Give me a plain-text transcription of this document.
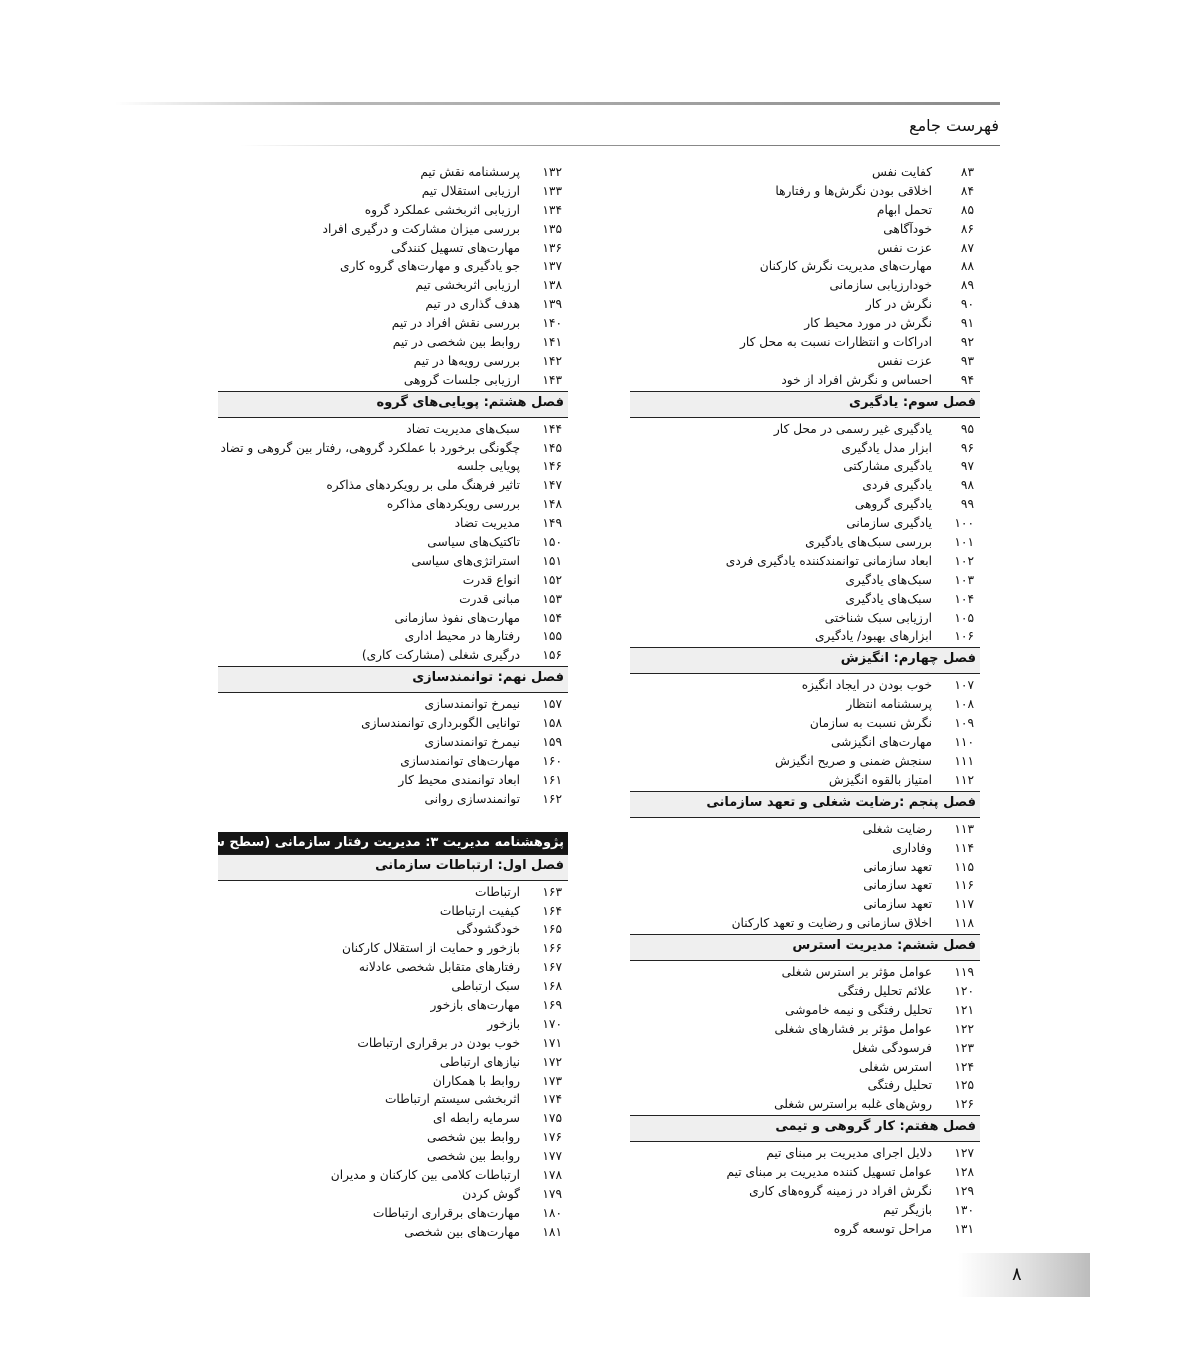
فهرست جامع
۸۳کفایت نفس
۸۴اخلاقی بودن نگرش‌ها و رفتارها
۸۵تحمل ابهام
۸۶خودآگاهی
۸۷عزت نفس
۸۸مهارت‌های مدیریت نگرش کارکنان
۸۹خودارزیابی سازمانی
۹۰نگرش در کار
۹۱نگرش در مورد محیط کار
۹۲ادراکات و انتظارات نسبت به محل کار
۹۳عزت نفس
۹۴احساس و نگرش افراد از خود
فصل سوم: یادگیری
۹۵یادگیری غیر رسمی در محل کار
۹۶ابزار مدل یادگیری
۹۷یادگیری مشارکتی
۹۸یادگیری فردی
۹۹یادگیری گروهی
۱۰۰یادگیری سازمانی
۱۰۱بررسی سبک‌های یادگیری
۱۰۲ابعاد سازمانی توانمندکننده یادگیری فردی
۱۰۳سبک‌های یادگیری
۱۰۴سبک‌های یادگیری
۱۰۵ارزیابی سبک شناختی
۱۰۶ابزارهای بهبود/ یادگیری
فصل چهارم: انگیزش
۱۰۷خوب بودن در ایجاد انگیزه
۱۰۸پرسشنامه انتظار
۱۰۹نگرش نسبت به سازمان
۱۱۰مهارت‌های انگیزشی
۱۱۱سنجش ضمنی و صریح انگیزش
۱۱۲امتیاز بالقوه انگیزش
فصل پنجم :رضایت شغلی و تعهد سازمانی
۱۱۳رضایت شغلی
۱۱۴وفاداری
۱۱۵تعهد سازمانی
۱۱۶تعهد سازمانی
۱۱۷تعهد سازمانی
۱۱۸اخلاق سازمانی و رضایت و تعهد کارکنان
فصل ششم: مدیریت استرس
۱۱۹عوامل مؤثر بر استرس شغلی
۱۲۰علائم تحلیل رفتگی
۱۲۱تحلیل رفتگی و نیمه خاموشی
۱۲۲عوامل مؤثر بر فشارهای شغلی
۱۲۳فرسودگی شغل
۱۲۴استرس شغلی
۱۲۵تحلیل رفتگی
۱۲۶روش‌های غلبه براسترس شغلی
فصل هفتم: کار گروهی و تیمی
۱۲۷دلایل اجرای مدیریت بر مبنای تیم
۱۲۸عوامل تسهیل کننده مدیریت بر مبنای تیم
۱۲۹نگرش افراد در زمینه گروه‌های کاری
۱۳۰بازیگر تیم
۱۳۱مراحل توسعه گروه
۱۳۲پرسشنامه نقش تیم
۱۳۳ارزیابی استقلال تیم
۱۳۴ارزیابی اثربخشی عملکرد گروه
۱۳۵بررسی میزان مشارکت و درگیری افراد
۱۳۶مهارت‌های تسهیل کنندگی
۱۳۷جو یادگیری و مهارت‌های گروه کاری
۱۳۸ارزیابی اثربخشی تیم
۱۳۹هدف گذاری در تیم
۱۴۰بررسی نقش افراد در تیم
۱۴۱روابط بین شخصی در تیم
۱۴۲بررسی رویه‌ها در تیم
۱۴۳ارزیابی جلسات گروهی
فصل هشتم: پویایی‌های گروه
۱۴۴سبک‌های مدیریت تضاد
۱۴۵چگونگی برخورد با عملکرد گروهی، رفتار بین گروهی و تضاد
۱۴۶پویایی جلسه
۱۴۷تاثیر فرهنگ ملی بر رویکردهای مذاکره
۱۴۸بررسی رویکردهای مذاکره
۱۴۹مدیریت تضاد
۱۵۰تاکتیک‌های سیاسی
۱۵۱استراتژی‌های سیاسی
۱۵۲انواع قدرت
۱۵۳مبانی قدرت
۱۵۴مهارت‌های نفوذ سازمانی
۱۵۵رفتارها در محیط اداری
۱۵۶درگیری شغلی (مشارکت کاری)
فصل نهم: توانمندسازی
۱۵۷نیمرخ توانمندسازی
۱۵۸توانایی الگوبرداری توانمندسازی
۱۵۹نیمرخ توانمندسازی
۱۶۰مهارت‌های توانمندسازی
۱۶۱ابعاد توانمندی محیط کار
۱۶۲توانمندسازی روانی
پژوهشنامه مدیریت ۳: مدیریت رفتار سازمانی (سطح سازمانی)
فصل اول: ارتباطات سازمانی
۱۶۳ارتباطات
۱۶۴کیفیت ارتباطات
۱۶۵خودگشودگی
۱۶۶بازخور و حمایت از استقلال کارکنان
۱۶۷رفتارهای متقابل شخصی عادلانه
۱۶۸سبک ارتباطی
۱۶۹مهارت‌های بازخور
۱۷۰بازخور
۱۷۱خوب بودن در برقراری ارتباطات
۱۷۲نیازهای ارتباطی
۱۷۳روابط با همکاران
۱۷۴اثربخشی سیستم ارتباطات
۱۷۵سرمایه رابطه ای
۱۷۶روابط بین شخصی
۱۷۷روابط بین شخصی
۱۷۸ارتباطات کلامی بین کارکنان و مدیران
۱۷۹گوش کردن
۱۸۰مهارت‌های برقراری ارتباطات
۱۸۱مهارت‌های بین شخصی
۸
